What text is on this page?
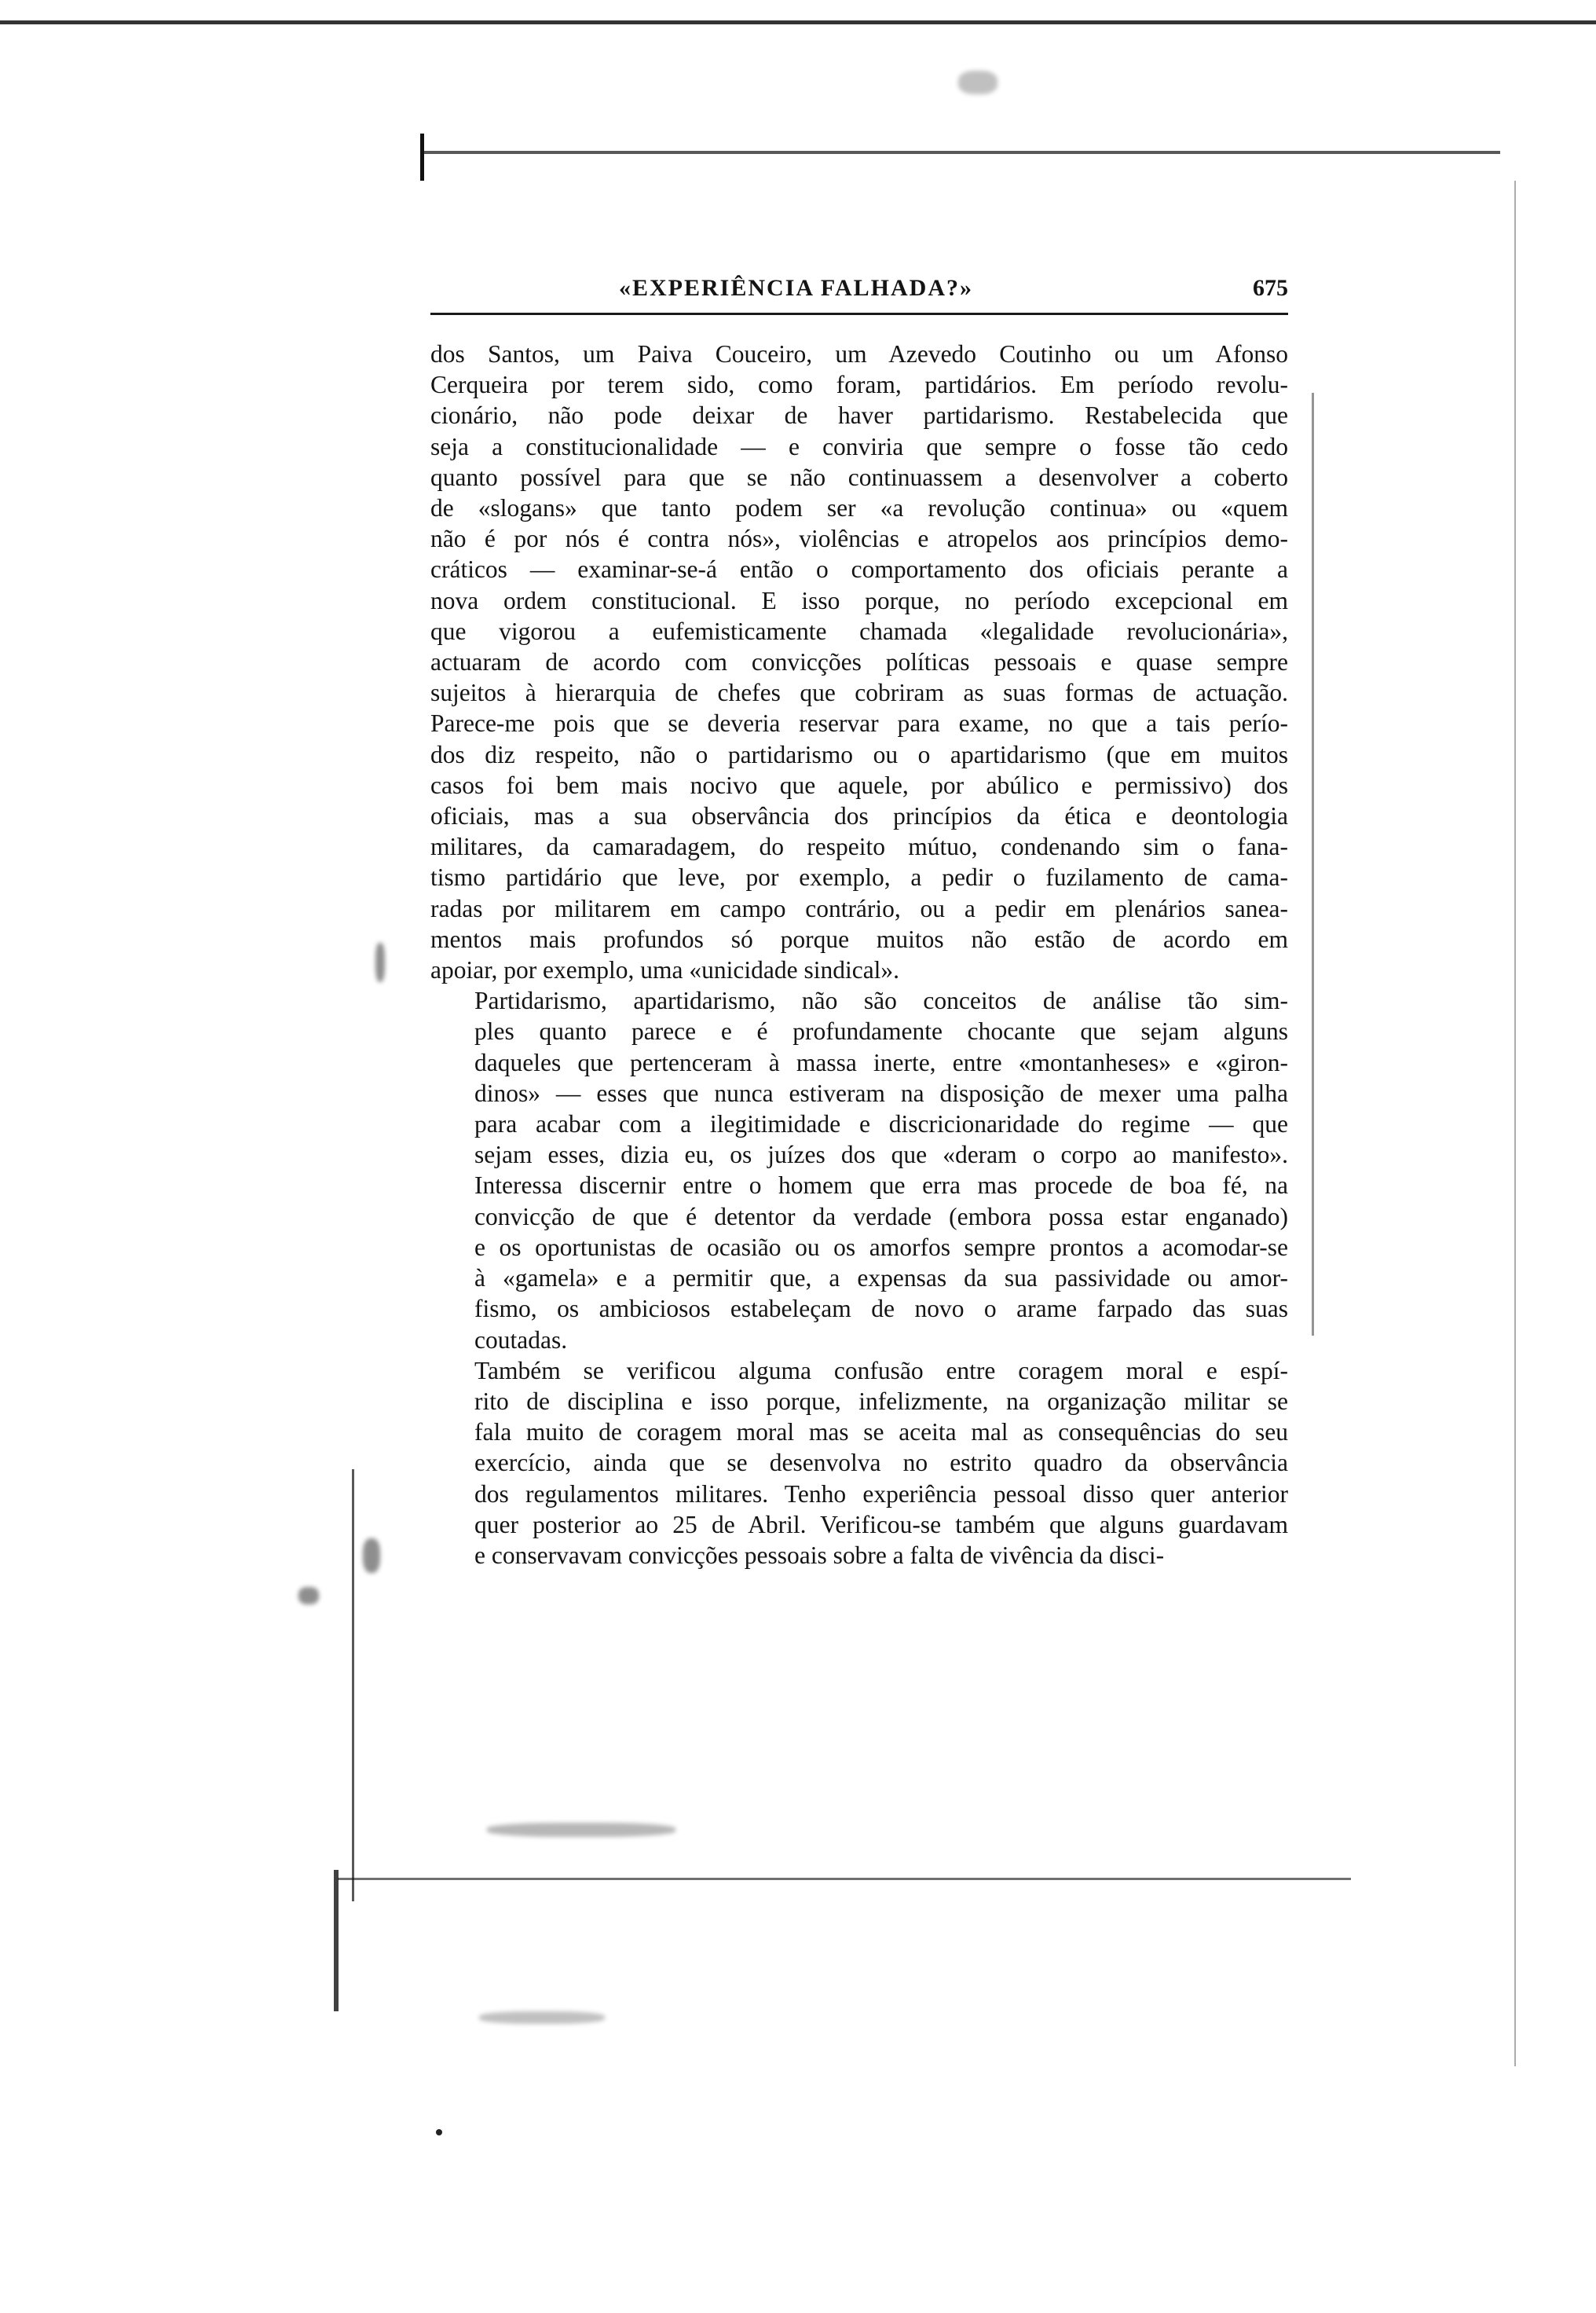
«EXPERIÊNCIA FALHADA?»	675

dos Santos, um Paiva Couceiro, um Azevedo Coutinho ou um Afonso
Cerqueira por terem sido, como foram, partidários. Em período revolu-
cionário, não pode deixar de haver partidarismo. Restabelecida que
seja a constitucionalidade — e conviria que sempre o fosse tão cedo
quanto possível para que se não continuassem a desenvolver a coberto
de «slogans» que tanto podem ser «a revolução continua» ou «quem
não é por nós é contra nós», violências e atropelos aos princípios demo-
cráticos — examinar-se-á então o comportamento dos oficiais perante a
nova ordem constitucional. E isso porque, no período excepcional em
que vigorou a eufemisticamente chamada «legalidade revolucionária»,
actuaram de acordo com convicções políticas pessoais e quase sempre
sujeitos à hierarquia de chefes que cobriram as suas formas de actuação.
Parece-me pois que se deveria reservar para exame, no que a tais perío-
dos diz respeito, não o partidarismo ou o apartidarismo (que em muitos
casos foi bem mais nocivo que aquele, por abúlico e permissivo) dos
oficiais, mas a sua observância dos princípios da ética e deontologia
militares, da camaradagem, do respeito mútuo, condenando sim o fana-
tismo partidário que leve, por exemplo, a pedir o fuzilamento de cama-
radas por militarem em campo contrário, ou a pedir em plenários sanea-
mentos mais profundos só porque muitos não estão de acordo em
apoiar, por exemplo, uma «unicidade sindical».

Partidarismo, apartidarismo, não são conceitos de análise tão sim-
ples quanto parece e é profundamente chocante que sejam alguns
daqueles que pertenceram à massa inerte, entre «montanheses» e «giron-
dinos» — esses que nunca estiveram na disposição de mexer uma palha
para acabar com a ilegitimidade e discricionaridade do regime — que
sejam esses, dizia eu, os juízes dos que «deram o corpo ao manifesto».
Interessa discernir entre o homem que erra mas procede de boa fé, na
convicção de que é detentor da verdade (embora possa estar enganado)
e os oportunistas de ocasião ou os amorfos sempre prontos a acomodar-se
à «gamela» e a permitir que, a expensas da sua passividade ou amor-
fismo, os ambiciosos estabeleçam de novo o arame farpado das suas
coutadas.

Também se verificou alguma confusão entre coragem moral e espí-
rito de disciplina e isso porque, infelizmente, na organização militar se
fala muito de coragem moral mas se aceita mal as consequências do seu
exercício, ainda que se desenvolva no estrito quadro da observância
dos regulamentos militares. Tenho experiência pessoal disso quer anterior
quer posterior ao 25 de Abril. Verificou-se também que alguns guardavam
e conservavam convicções pessoais sobre a falta de vivência da disci-
